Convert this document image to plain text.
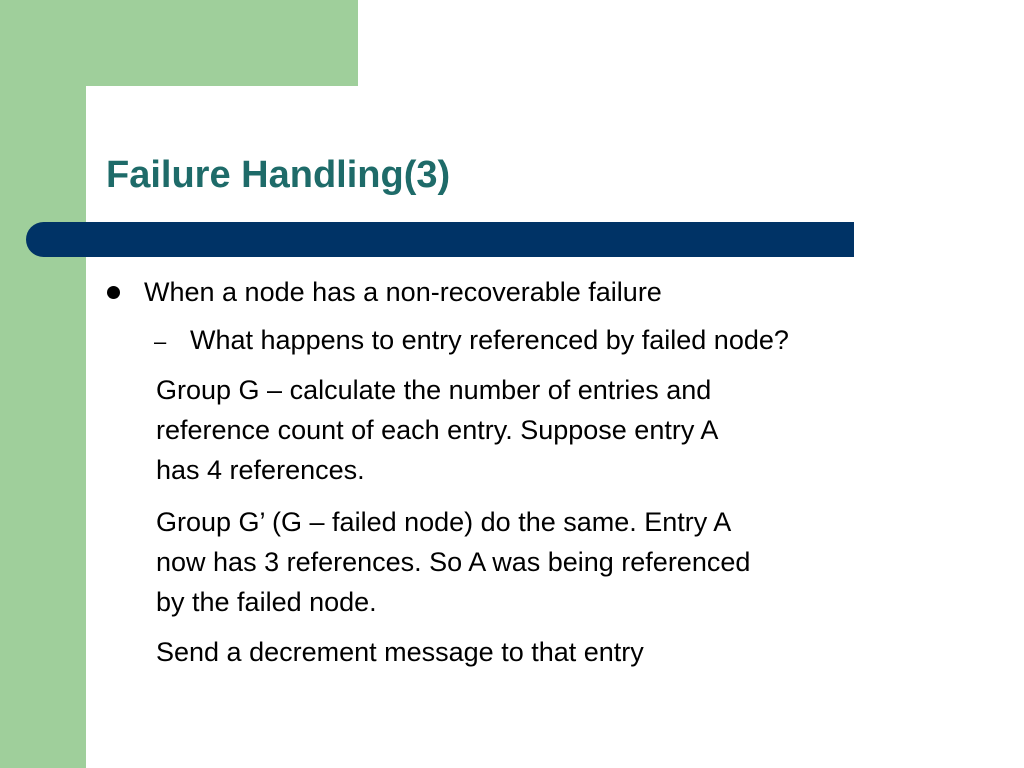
Failure Handling(3)
When a node has a non-recoverable failure
– What happens to entry referenced by failed node?
Group G – calculate the number of entries and
reference count of each entry. Suppose entry A
has 4 references.
Group G’ (G – failed node) do the same. Entry A
now has 3 references. So A was being referenced
by the failed node.
Send a decrement message to that entry
